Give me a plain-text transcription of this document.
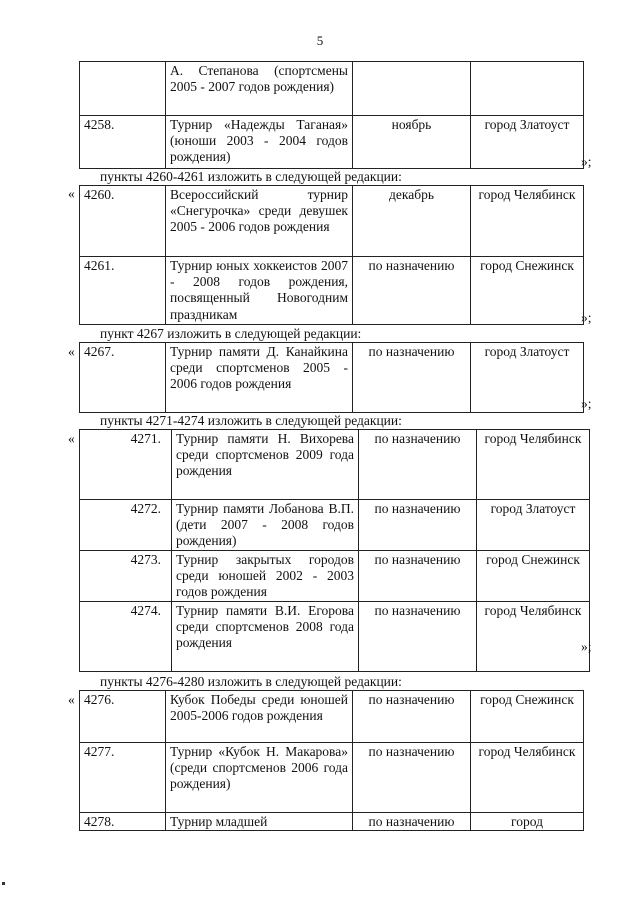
5
	А. Степанова (спортсмены 2005 - 2007 годов рождения)		
4258.	Турнир «Надежды Таганая» (юноши 2003 - 2004 годов рождения)	ноябрь	город Златоуст
»;
пункты 4260-4261 изложить в следующей редакции:
« 4260.	Всероссийский турнир «Снегурочка» среди девушек 2005 - 2006 годов рождения	декабрь	город Челябинск
4261.	Турнир юных хоккеистов 2007 - 2008 годов рождения, посвященный Новогодним праздникам	по назначению	город Снежинск
»;
пункт 4267 изложить в следующей редакции:
« 4267.	Турнир памяти Д. Канайкина среди спортсменов 2005 - 2006 годов рождения	по назначению	город Златоуст
»;
пункты 4271-4274 изложить в следующей редакции:
«	4271.	Турнир памяти Н. Вихорева среди спортсменов 2009 года рождения	по назначению	город Челябинск
4272.	Турнир памяти Лобанова В.П. (дети 2007 - 2008 годов рождения)	по назначению	город Златоуст
4273.	Турнир закрытых городов среди юношей 2002 - 2003 годов рождения	по назначению	город Снежинск
4274.	Турнир памяти В.И. Егорова среди спортсменов 2008 года рождения	по назначению	город Челябинск
»;
пункты 4276-4280 изложить в следующей редакции:
« 4276.	Кубок Победы среди юношей 2005-2006 годов рождения	по назначению	город Снежинск
4277.	Турнир «Кубок Н. Макарова» (среди спортсменов 2006 года рождения)	по назначению	город Челябинск
4278.	Турнир младшей	по назначению	город
